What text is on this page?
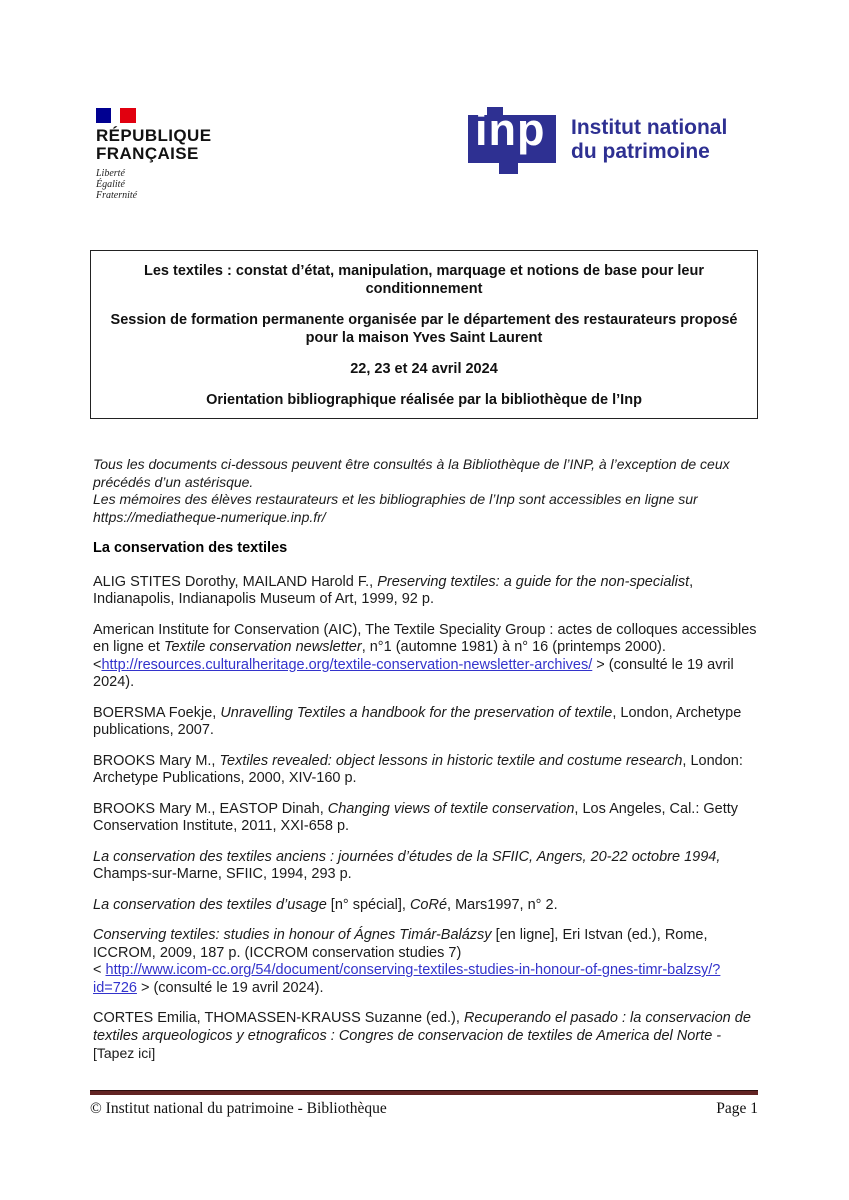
RÉPUBLIQUE
FRANÇAISE
Liberté
Égalité
Fraternité
inp Institut national
du patrimoine

Les textiles : constat d’état, manipulation, marquage et notions de base pour leur conditionnement

Session de formation permanente organisée par le département des restaurateurs proposé pour la maison Yves Saint Laurent

22, 23 et 24 avril 2024

Orientation bibliographique réalisée par la bibliothèque de l’Inp

Tous les documents ci-dessous peuvent être consultés à la Bibliothèque de l’INP, à l’exception de ceux précédés d’un astérisque.

Les mémoires des élèves restaurateurs et les bibliographies de l’Inp sont accessibles en ligne sur https://mediatheque-numerique.inp.fr/

La conservation des textiles

ALIG STITES Dorothy, MAILAND Harold F., Preserving textiles: a guide for the non-specialist, Indianapolis, Indianapolis Museum of Art, 1999, 92 p.

American Institute for Conservation (AIC), The Textile Speciality Group : actes de colloques accessibles en ligne et Textile conservation newsletter, n°1 (automne 1981) à n° 16 (printemps 2000).
<http://resources.culturalheritage.org/textile-conservation-newsletter-archives/ > (consulté le 19 avril 2024).

BOERSMA Foekje, Unravelling Textiles a handbook for the preservation of textile, London, Archetype publications, 2007.

BROOKS Mary M., Textiles revealed: object lessons in historic textile and costume research, London: Archetype Publications, 2000, XIV-160 p.

BROOKS Mary M., EASTOP Dinah, Changing views of textile conservation, Los Angeles, Cal.: Getty Conservation Institute, 2011, XXI-658 p.

La conservation des textiles anciens : journées d’études de la SFIIC, Angers, 20-22 octobre 1994, Champs-sur-Marne, SFIIC, 1994, 293 p.

La conservation des textiles d’usage [n° spécial], CoRé, Mars1997, n° 2.

Conserving textiles: studies in honour of Ágnes Timár-Balázsy [en ligne], Eri Istvan (ed.), Rome, ICCROM, 2009, 187 p. (ICCROM conservation studies 7)
< http://www.icom-cc.org/54/document/conserving-textiles-studies-in-honour-of-gnes-timr-balzsy/?id=726 > (consulté le 19 avril 2024).

CORTES Emilia, THOMASSEN-KRAUSS Suzanne (ed.), Recuperando el pasado : la conservacion de textiles arqueologicos y etnograficos : Congres de conservacion de textiles de America del Norte -

[Tapez ici]

© Institut national du patrimoine - Bibliothèque	Page 1
